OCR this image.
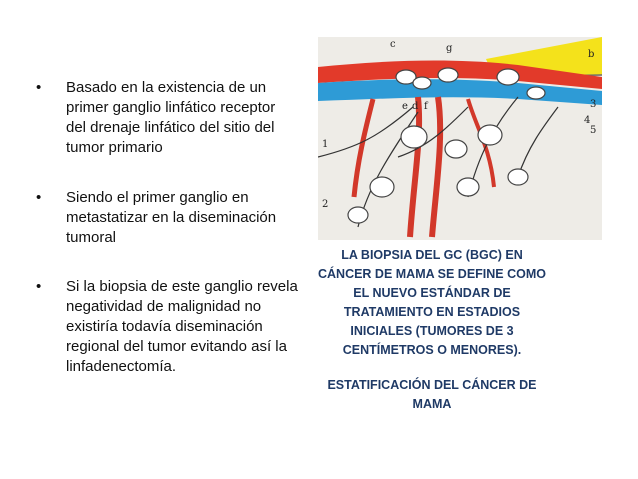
• Basado en la existencia de un primer ganglio linfático receptor del drenaje linfático del sitio del tumor primario
• Siendo el primer ganglio en metastatizar en la diseminación tumoral
• Si la biopsia de este ganglio revela negatividad de malignidad no existiría todavía diseminación regional del tumor evitando así la linfadenectomía.
c	g
b
e d f
1
2
3
4
5
LA BIOPSIA DEL GC (BGC) EN CÁNCER DE MAMA SE DEFINE COMO EL NUEVO ESTÁNDAR DE TRATAMIENTO EN ESTADIOS INICIALES (TUMORES DE 3 CENTÍMETROS O MENORES).
ESTATIFICACIÓN DEL CÁNCER DE MAMA
